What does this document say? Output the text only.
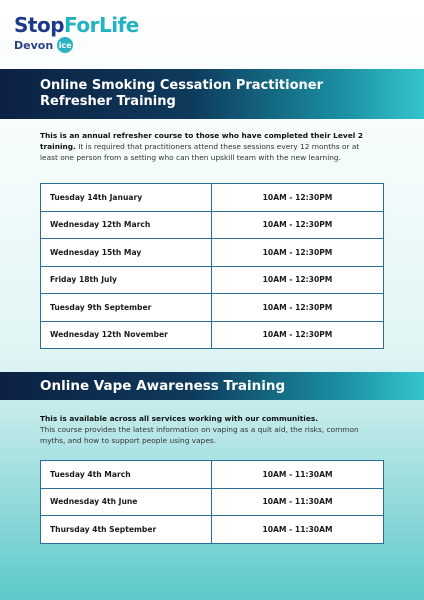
StopForLife
Devon ice
Online Smoking Cessation Practitioner
Refresher Training
This is an annual refresher course to those who have completed their Level 2 training. It is required that practitioners attend these sessions every 12 months or at least one person from a setting who can then upskill team with the new learning.
Tuesday 14th January	10AM - 12:30PM
Wednesday 12th March	10AM - 12:30PM
Wednesday 15th May	10AM - 12:30PM
Friday 18th July	10AM - 12:30PM
Tuesday 9th September	10AM - 12:30PM
Wednesday 12th November	10AM - 12:30PM
Online Vape Awareness Training
This is available across all services working with our communities.
This course provides the latest information on vaping as a quit aid, the risks, common myths, and how to support people using vapes.
Tuesday 4th March	10AM - 11:30AM
Wednesday 4th June	10AM - 11:30AM
Thursday 4th September	10AM - 11:30AM
